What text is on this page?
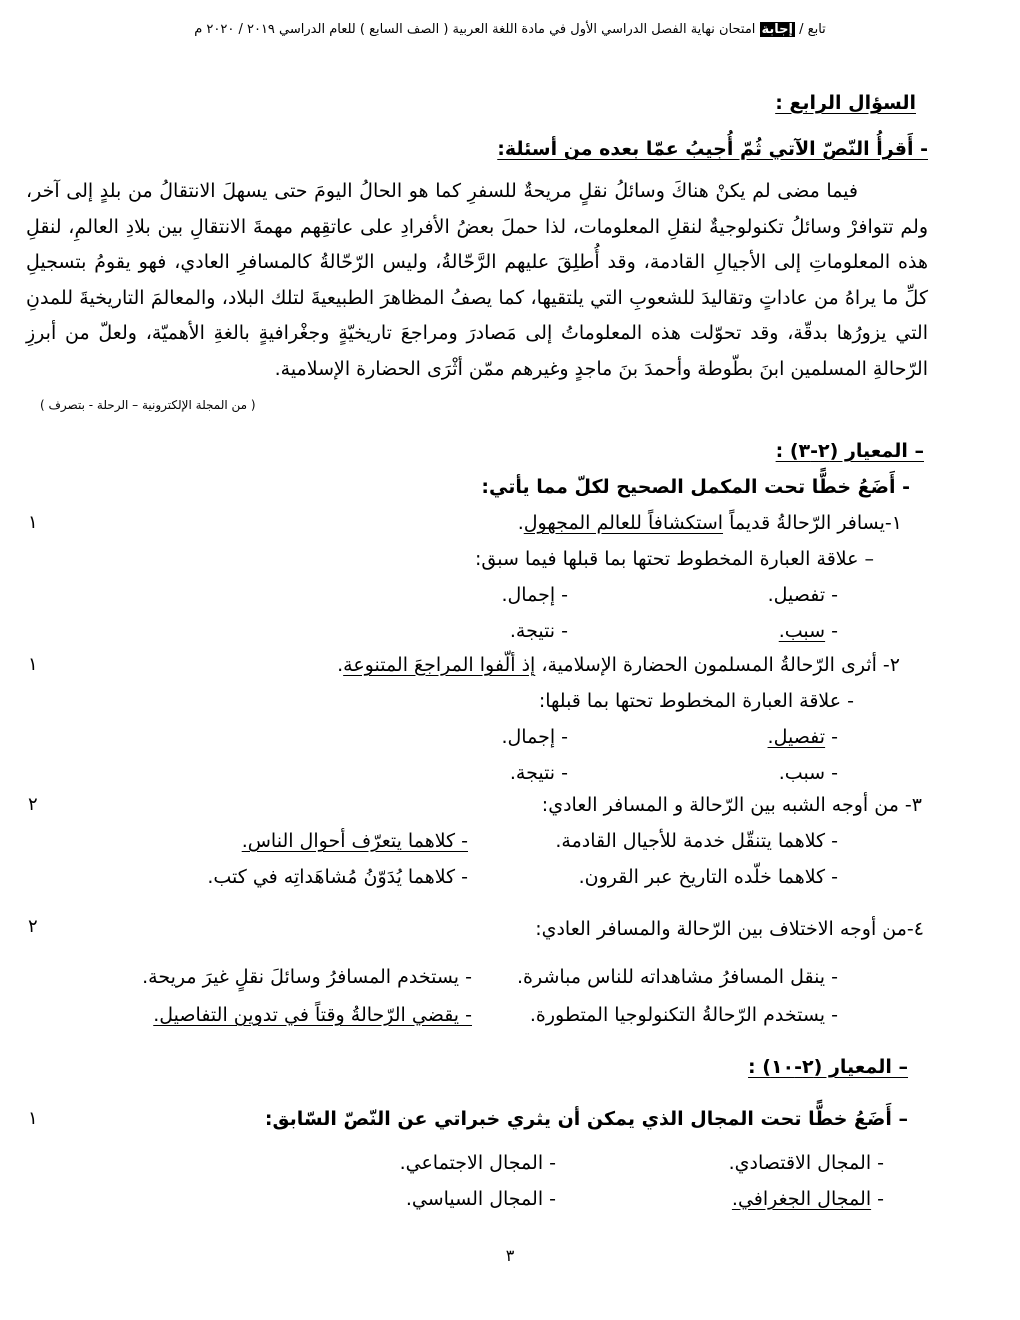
تابع / إجابة امتحان نهاية الفصل الدراسي الأول في مادة اللغة العربية ( الصف السابع ) للعام الدراسي ٢٠١٩ / ٢٠٢٠ م
السؤال الرابع :
- أَقرأُ النّصّ الآتي ثُمّ أُجيبُ عمّا بعده من أسئلة:
فيما مضى لم يكنْ هناكَ وسائلُ نقلٍ مريحةٌ للسفرِ كما هو الحالُ اليومَ حتى يسهلَ الانتقالُ من بلدٍ إلى آخر، ولم تتوافرْ وسائلُ تكنولوجيةٌ لنقلِ المعلومات، لذا حملَ بعضُ الأفرادِ على عاتقِهم مهمةَ الانتقالِ بين بلادِ العالمِ، لنقلِ هذه المعلوماتِ إلى الأجيالِ القادمة، وقد أُطلِقَ عليهم الرَّحّالةُ، وليس الرّحّالةُ كالمسافرِ العادي، فهو يقومُ بتسجيلِ كلِّ ما يراهُ من عاداتٍ وتقاليدَ للشعوبِ التي يلتقيها، كما يصفُ المظاهرَ الطبيعيةَ لتلك البلاد، والمعالمَ التاريخيةَ للمدنِ التي يزورُها بدقّة، وقد تحوّلت هذه المعلوماتُ إلى مَصادرَ ومراجعَ تاريخيّةٍ وجغْرافيةٍ بالغةِ الأهميّة، ولعلّ من أبرزِ الرّحالةِ المسلمين ابنَ بطّوطة وأحمدَ بنَ ماجدٍ وغيرهم ممّن أثْرَى الحضارة الإسلامية.
( من المجلة الإلكترونية – الرحلة - بتصرف )
– المعيار (٢-٣) :
- أَضَعُ خطًّا تحت المكمل الصحيح لكلّ مما يأتي:
١-يسافر الرّحالةُ قديماً استكشافاً للعالم المجهول.
١
– علاقة العبارة المخطوط تحتها بما قبلها فيما سبق:
- تفصيل.
- إجمال.
- سبب.
- نتيجة.
٢- أثرى الرّحالةُ المسلمون الحضارة الإسلامية، إذ ألّفوا المراجعَ المتنوعة.
١
- علاقة العبارة المخطوط تحتها بما قبلها:
- تفصيل.
- إجمال.
- سبب.
- نتيجة.
٣- من أوجه الشبه بين الرّحالة و المسافر العادي:
٢
- كلاهما يتنقّل خدمة للأجيال القادمة.
- كلاهما يتعرّف أحوال الناس.
- كلاهما خلّده التاريخ عبر القرون.
- كلاهما يُدَوّنُ مُشاهَداتِه في كتب.
٤-من أوجه الاختلاف بين الرّحالة والمسافر العادي:
٢
- ينقل المسافرُ مشاهداته للناس مباشرة.
- يستخدم المسافرُ وسائلَ نقلٍ غيرَ مريحة.
- يستخدم الرّحالةُ التكنولوجيا المتطورة.
- يقضي الرّحالةُ وقتاً في تدوين التفاصيل.
– المعيار (٢-١٠) :
– أَضَعُ خطًّا تحت المجال الذي يمكن أن يثري خبراتي عن النّصّ السّابق:
١
- المجال الاقتصادي.
- المجال الاجتماعي.
- المجال الجغرافي.
- المجال السياسي.
٣
